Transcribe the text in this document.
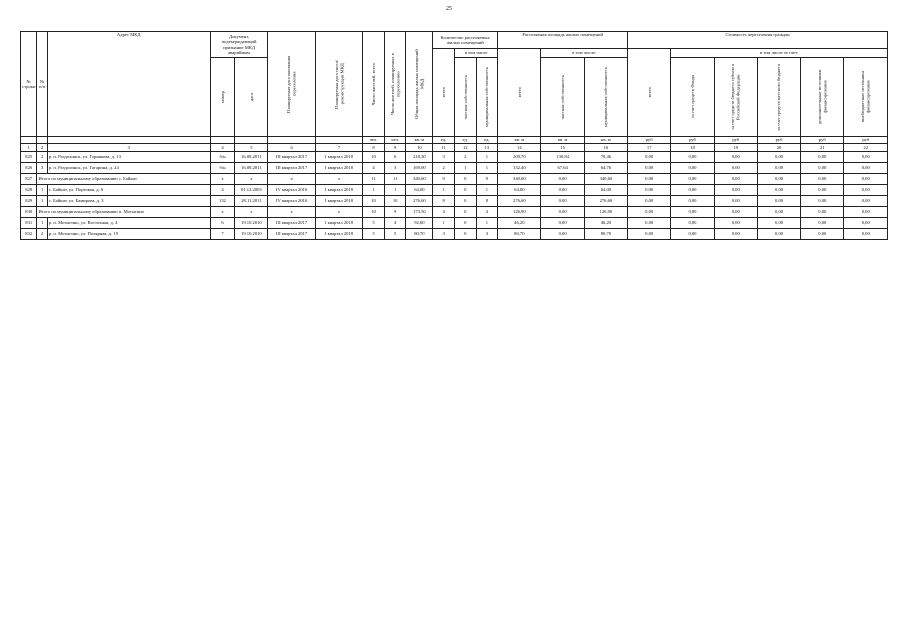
25
№ строки	№ п/п	Адрес МКД	Документ, подтверждающий признание МКД аварийным		Планируемая дата окончания переселения	Планируемая дата сноса/ реконструкции МКД	Число жителей, всего	Число жителей, планируемых к переселению	Общая площадь жилых помещений МКД	Количество расселяемых жилых помещений			Расселяемая площадь жилых помещений			Стоимость переселения граждан					

										всего	в том числе		всего	в том числе:		всего	в том числе за счет:				

			номер	дата							частная собственность	муниципальная собственность		частная собственность	муниципальная собственность		за счет средств Фонда	за счет средств бюджета субъекта Российской Федерации	за счет средств местного бюджета	дополнительные источники финансирования	внебюджетные источники финансирования

							чел.	чел.	кв. м	ед.	ед.	ед.	кв. м	кв. м	кв. м	руб	руб	руб	руб	руб	руб
1	2	3	4	5	6	7	8	9	10	11	12	13	14	15	16	17	18	19	20	21	22
825	2	р. п. Раздолинск, ул. Горнякова, д. 13	б/н	16.08.2011	III квартал 2017	I квартал 2018	10	6	218,30	3	2	1	209,70	130,84	78,46	0,00	0,00	0,00	0,00	0,00	0,00
826	3	р. п. Раздолинск, ул. Гагарина, д. 24	б/н	16.08.2011	III квартал 2017	I квартал 2018	4	3	169,00	2	1	1	132,40	67,64	64,76	0,00	0,00	0,00	0,00	0,00	0,00
827	Итого по муниципальному образованию с. Байкит		х	х	х	х	11	11	340,60	9	0	9	340,60	0,00	340,60	0,00	0,00	0,00	0,00	0,00	0,00
828	1	с. Байкит, ул. Портовая, д. 6	4	01.12.2003	IV квартал 2016	I квартал 2018	1	1	64,00	1	0	1	64,00	0,00	64,00	0,00	0,00	0,00	0,00	0,00	0,00
829	1	с. Байкит, ул. Бамирова, д. 3	132	28.11.2011	IV квартал 2016	I квартал 2018	10	10	276,60	8	0	8	276,60	0,00	276,60	0,00	0,00	0,00	0,00	0,00	0,00
830	Итого по муниципальному образованию п. Мотыгино		х	х	х	х	10	9	173,50	4	0	4	126,90	0,00	126,90	0,00	0,00	0,00	0,00	0,00	0,00
831	1	р. п. Мотыгино, ул. Восточная, д. 4	6	19.10.2010	III квартал 2017	I квартал 2018	5	4	92,60	1	0	1	46,20	0,00	46,20	0,00	0,00	0,00	0,00	0,00	0,00
832	2	р. п. Мотыгино, ул. Полярная, д. 19	7	19.10.2010	III квартал 2017	I квартал 2018	5	5	80,70	3	0	3	80,70	0,00	80,70	0,00	0,00	0,00	0,00	0,00	0,00
